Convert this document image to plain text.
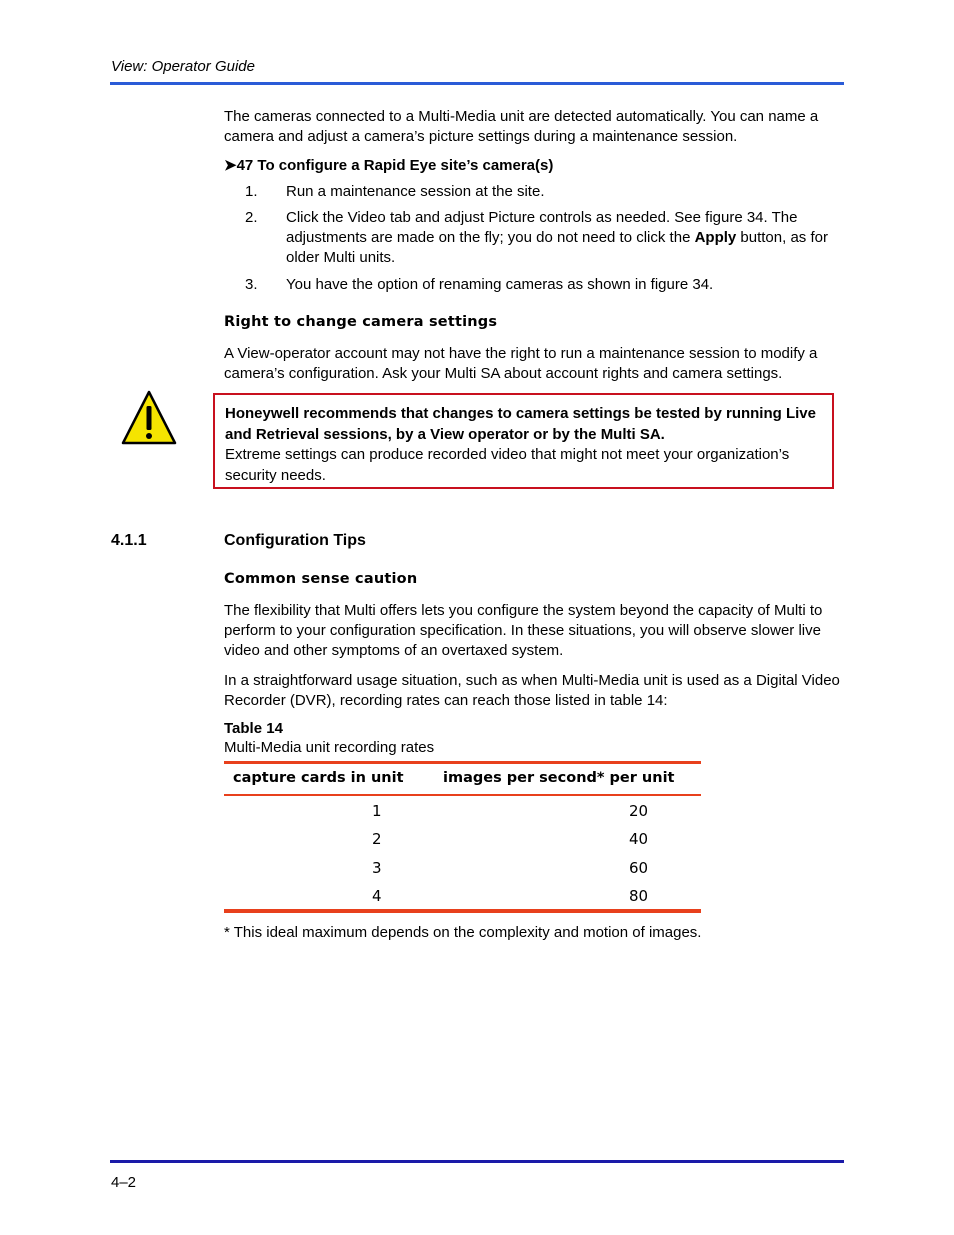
View: Operator Guide

The cameras connected to a Multi-Media unit are detected automatically. You can name a camera and adjust a camera’s picture settings during a maintenance session.

➤47 To configure a Rapid Eye site’s camera(s)
1. Run a maintenance session at the site.
2. Click the Video tab and adjust Picture controls as needed. See figure 34. The adjustments are made on the fly; you do not need to click the Apply button, as for older Multi units.
3. You have the option of renaming cameras as shown in figure 34.
Right to change camera settings

A View-operator account may not have the right to run a maintenance session to modify a camera’s configuration. Ask your Multi SA about account rights and camera settings.

Honeywell recommends that changes to camera settings be tested by running Live and Retrieval sessions, by a View operator or by the Multi SA.
Extreme settings can produce recorded video that might not meet your organization’s security needs.
4.1.1	Configuration Tips
Common sense caution

The flexibility that Multi offers lets you configure the system beyond the capacity of Multi to perform to your configuration specification. In these situations, you will observe slower live video and other symptoms of an overtaxed system.

In a straightforward usage situation, such as when Multi-Media unit is used as a Digital Video Recorder (DVR), recording rates can reach those listed in table 14:

Table 14
Multi-Media unit recording rates
capture cards in unit	images per second* per unit
1	20
2	40
3	60
4	80
* This ideal maximum depends on the complexity and motion of images.
4–2
